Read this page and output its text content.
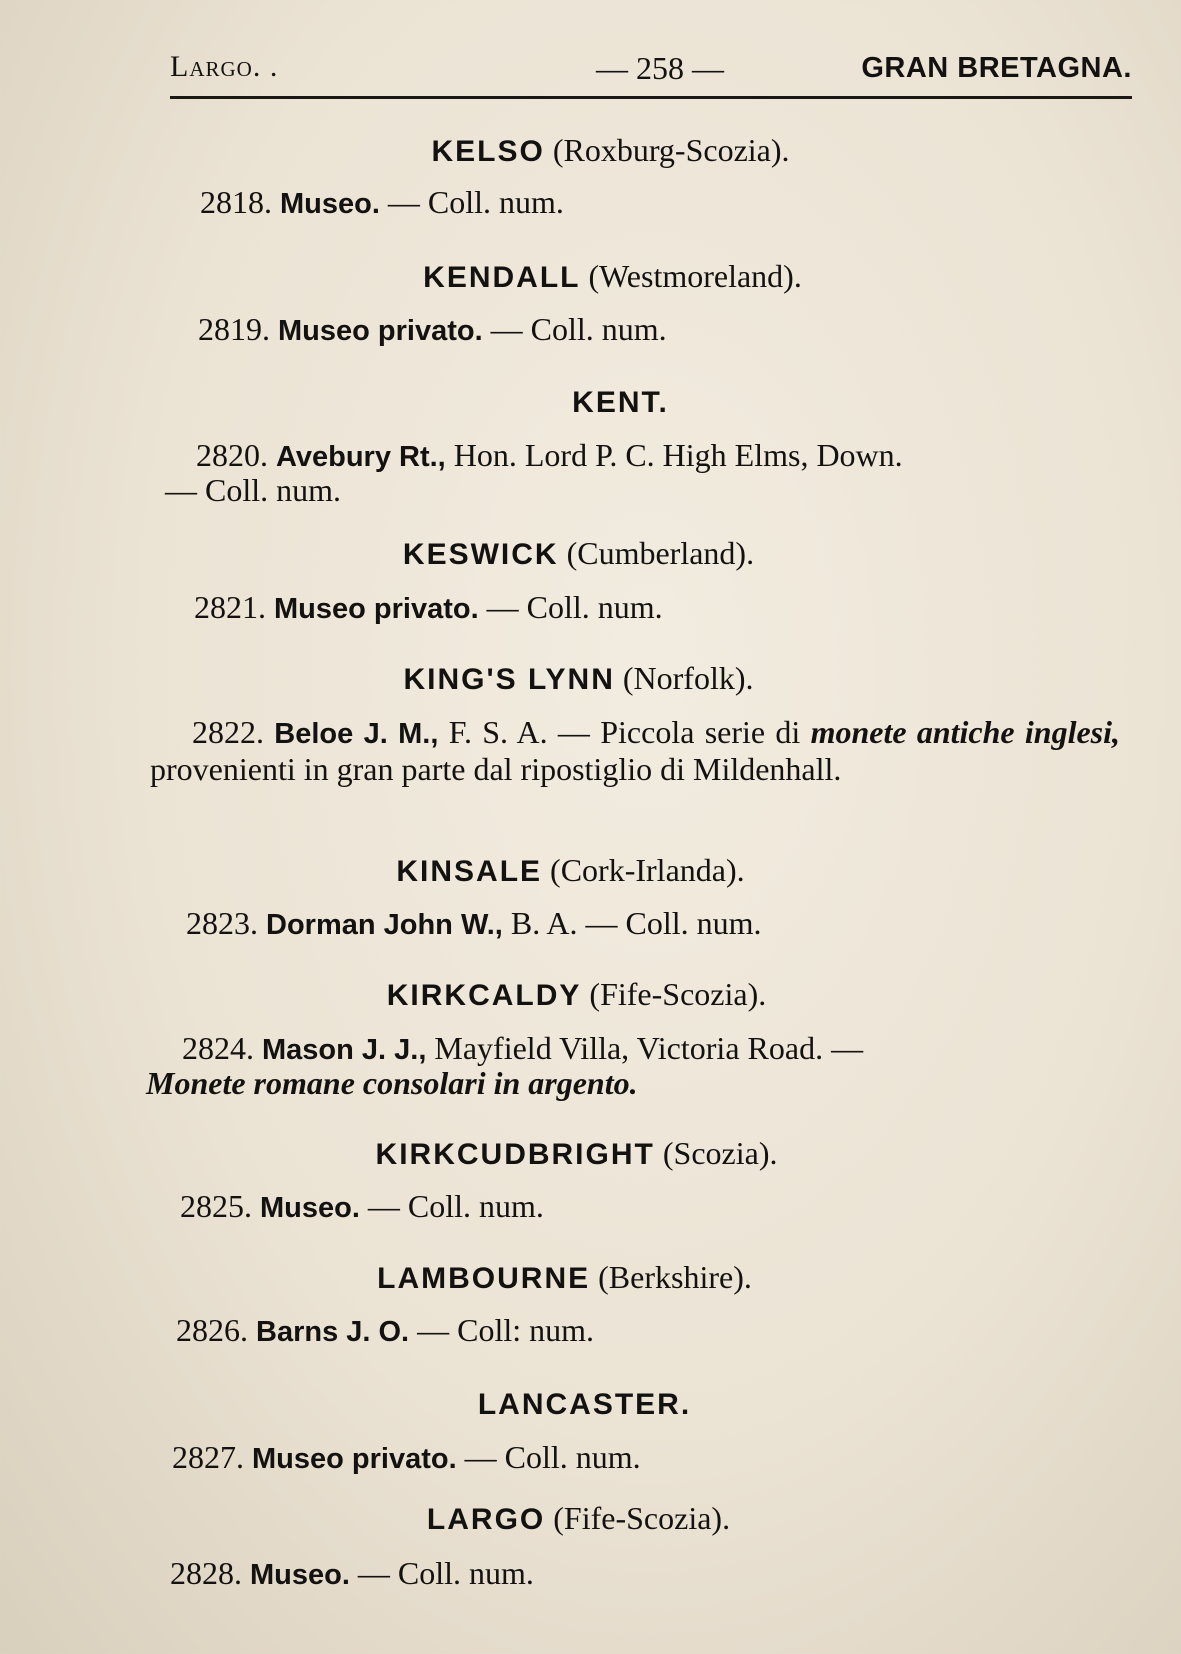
Largo. .	— 258 —	GRAN BRETAGNA.
KELSO (Roxburg-Scozia).
2818. Museo. — Coll. num.
KENDALL (Westmoreland).
2819. Museo privato. — Coll. num.
KENT.
2820. Avebury Rt., Hon. Lord P. C. High Elms, Down.
— Coll. num.
KESWICK (Cumberland).
2821. Museo privato. — Coll. num.
KING'S LYNN (Norfolk).
2822. Beloe J. M., F. S. A. — Piccola serie di monete antiche inglesi, provenienti in gran parte dal ripostiglio di Mildenhall.
KINSALE (Cork-Irlanda).
2823. Dorman John W., B. A. — Coll. num.
KIRKCALDY (Fife-Scozia).
2824. Mason J. J., Mayfield Villa, Victoria Road. —
Monete romane consolari in argento.
KIRKCUDBRIGHT (Scozia).
2825. Museo. — Coll. num.
LAMBOURNE (Berkshire).
2826. Barns J. O. — Coll: num.
LANCASTER.
2827. Museo privato. — Coll. num.
LARGO (Fife-Scozia).
2828. Museo. — Coll. num.
